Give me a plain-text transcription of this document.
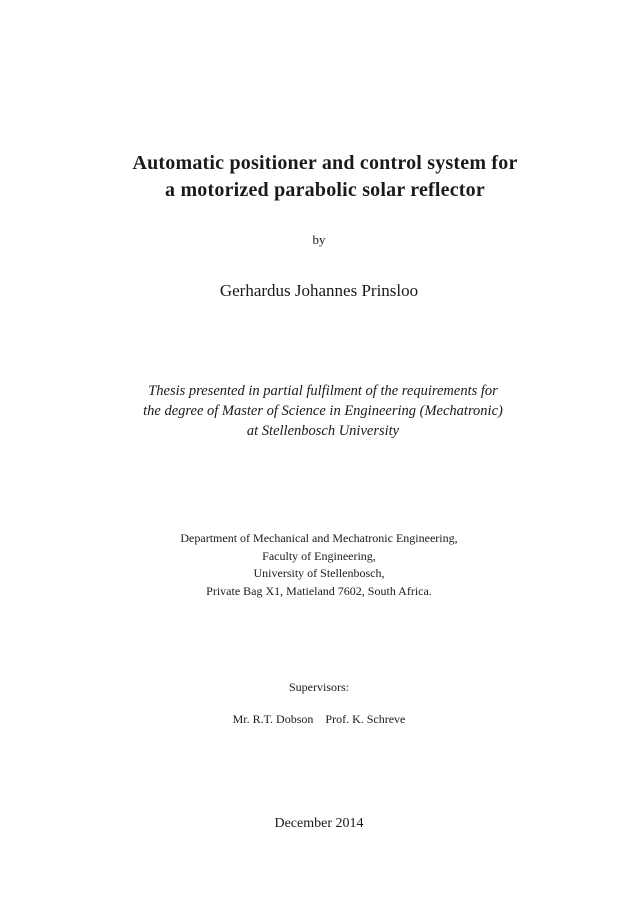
Automatic positioner and control system for
a motorized parabolic solar reflector
by
Gerhardus Johannes Prinsloo
Thesis presented in partial fulfilment of the requirements for
the degree of Master of Science in Engineering (Mechatronic)
at Stellenbosch University
Department of Mechanical and Mechatronic Engineering,
Faculty of Engineering,
University of Stellenbosch,
Private Bag X1, Matieland 7602, South Africa.
Supervisors:
Mr. R.T. Dobson Prof. K. Schreve
December 2014
